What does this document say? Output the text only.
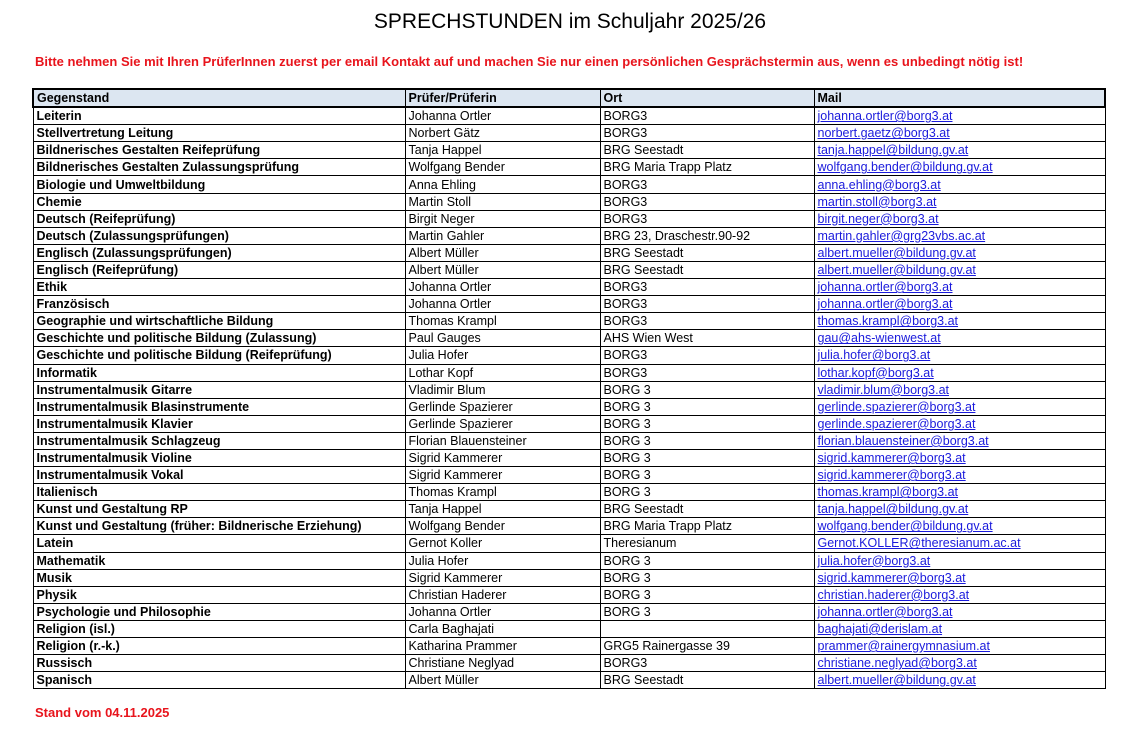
SPRECHSTUNDEN im Schuljahr 2025/26
Bitte nehmen Sie mit Ihren PrüferInnen zuerst per email Kontakt auf und machen Sie nur einen persönlichen Gesprächstermin aus, wenn es unbedingt nötig ist!
Gegenstand	Prüfer/Prüferin	Ort	Mail
Leiterin	Johanna Ortler	BORG3	johanna.ortler@borg3.at
Stellvertretung Leitung	Norbert Gätz	BORG3	norbert.gaetz@borg3.at
Bildnerisches Gestalten Reifeprüfung	Tanja Happel	BRG Seestadt	tanja.happel@bildung.gv.at
Bildnerisches Gestalten Zulassungsprüfung	Wolfgang Bender	BRG Maria Trapp Platz	wolfgang.bender@bildung.gv.at
Biologie und Umweltbildung	Anna Ehling	BORG3	anna.ehling@borg3.at
Chemie	Martin Stoll	BORG3	martin.stoll@borg3.at
Deutsch (Reifeprüfung)	Birgit Neger	BORG3	birgit.neger@borg3.at
Deutsch (Zulassungsprüfungen)	Martin Gahler	BRG 23, Draschestr.90-92	martin.gahler@grg23vbs.ac.at
Englisch (Zulassungsprüfungen)	Albert Müller	BRG Seestadt	albert.mueller@bildung.gv.at
Englisch (Reifeprüfung)	Albert Müller	BRG Seestadt	albert.mueller@bildung.gv.at
Ethik	Johanna Ortler	BORG3	johanna.ortler@borg3.at
Französisch	Johanna Ortler	BORG3	johanna.ortler@borg3.at
Geographie und wirtschaftliche Bildung	Thomas Krampl	BORG3	thomas.krampl@borg3.at
Geschichte und politische Bildung (Zulassung)	Paul Gauges	AHS Wien West	gau@ahs-wienwest.at
Geschichte und politische Bildung (Reifeprüfung)	Julia Hofer	BORG3	julia.hofer@borg3.at
Informatik	Lothar Kopf	BORG3	lothar.kopf@borg3.at
Instrumentalmusik Gitarre	Vladimir Blum	BORG 3	vladimir.blum@borg3.at
Instrumentalmusik Blasinstrumente	Gerlinde Spazierer	BORG 3	gerlinde.spazierer@borg3.at
Instrumentalmusik Klavier	Gerlinde Spazierer	BORG 3	gerlinde.spazierer@borg3.at
Instrumentalmusik Schlagzeug	Florian Blauensteiner	BORG 3	florian.blauensteiner@borg3.at
Instrumentalmusik Violine	Sigrid Kammerer	BORG 3	sigrid.kammerer@borg3.at
Instrumentalmusik Vokal	Sigrid Kammerer	BORG 3	sigrid.kammerer@borg3.at
Italienisch	Thomas Krampl	BORG 3	thomas.krampl@borg3.at
Kunst und Gestaltung RP	Tanja Happel	BRG Seestadt	tanja.happel@bildung.gv.at
Kunst und Gestaltung (früher: Bildnerische Erziehung)	Wolfgang Bender	BRG Maria Trapp Platz	wolfgang.bender@bildung.gv.at
Latein	Gernot Koller	Theresianum	Gernot.KOLLER@theresianum.ac.at
Mathematik	Julia Hofer	BORG 3	julia.hofer@borg3.at
Musik	Sigrid Kammerer	BORG 3	sigrid.kammerer@borg3.at
Physik	Christian Haderer	BORG 3	christian.haderer@borg3.at
Psychologie und Philosophie	Johanna Ortler	BORG 3	johanna.ortler@borg3.at
Religion (isl.)	Carla Baghajati		baghajati@derislam.at
Religion (r.-k.)	Katharina Prammer	GRG5 Rainergasse 39	prammer@rainergymnasium.at
Russisch	Christiane Neglyad	BORG3	christiane.neglyad@borg3.at
Spanisch	Albert Müller	BRG Seestadt	albert.mueller@bildung.gv.at
Stand vom 04.11.2025
